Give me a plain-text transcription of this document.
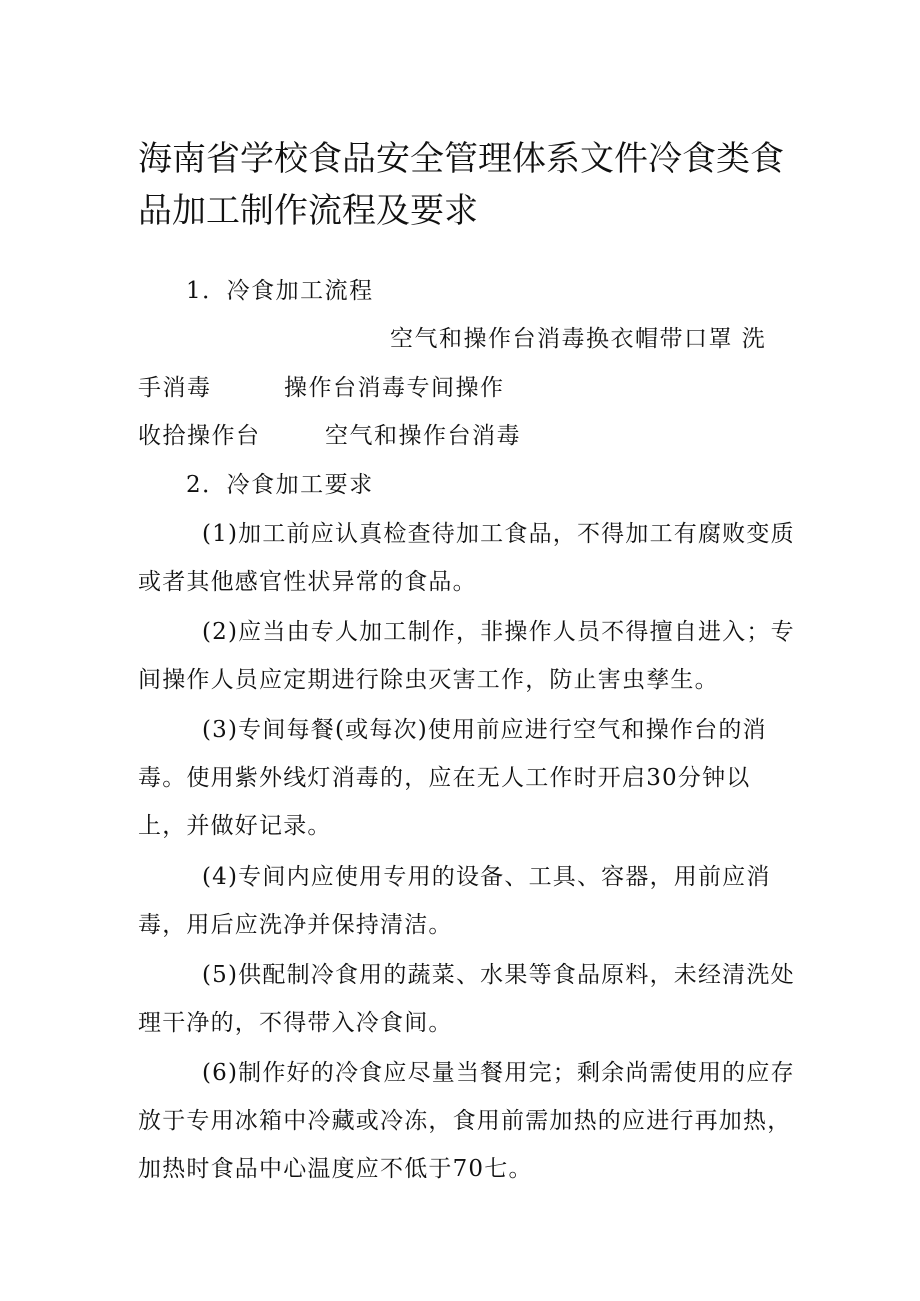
海南省学校食品安全管理体系文件冷食类食品加工制作流程及要求
1．冷食加工流程
空气和操作台消毒换衣帽带口罩 洗
手消毒	操作台消毒专间操作
收拾操作台	空气和操作台消毒
2．冷食加工要求

(1)加工前应认真检查待加工食品，不得加工有腐败变质或者其他感官性状异常的食品。

(2)应当由专人加工制作，非操作人员不得擅自进入；专间操作人员应定期进行除虫灭害工作，防止害虫孳生。

(3)专间每餐(或每次)使用前应进行空气和操作台的消毒。使用紫外线灯消毒的，应在无人工作时开启30分钟以上，并做好记录。

(4)专间内应使用专用的设备、工具、容器，用前应消毒，用后应洗净并保持清洁。

(5)供配制冷食用的蔬菜、水果等食品原料，未经清洗处理干净的，不得带入冷食间。

(6)制作好的冷食应尽量当餐用完；剩余尚需使用的应存放于专用冰箱中冷藏或冷冻，食用前需加热的应进行再加热，加热时食品中心温度应不低于70七。
